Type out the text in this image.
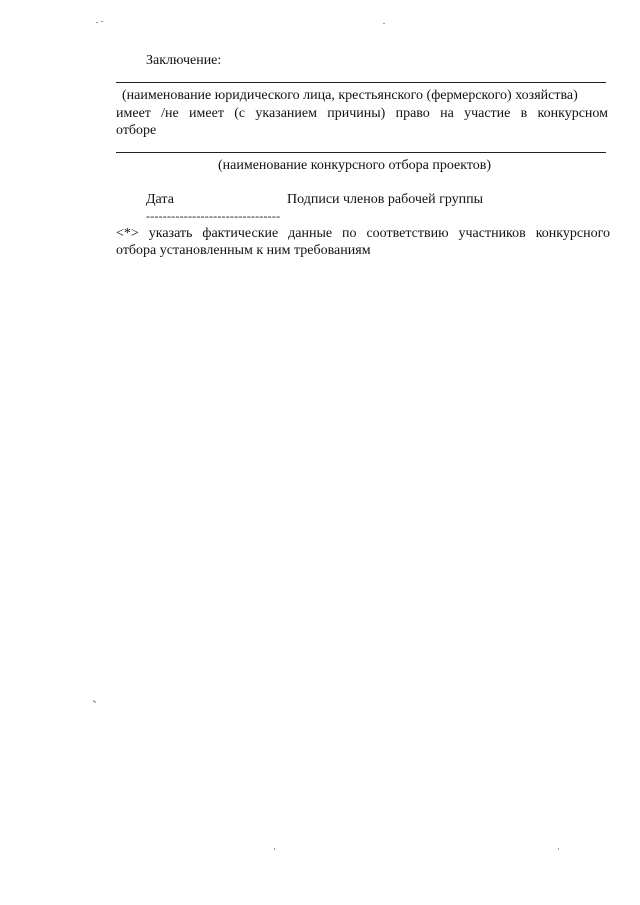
Заключение:
(наименование юридического лица, крестьянского (фермерского) хозяйства)
имеет /не имеет (с указанием причины) право на участие в конкурсном
отборе
(наименование конкурсного отбора проектов)
Дата	Подписи членов рабочей группы
--------------------------------
<*> указать фактические данные по соответствию участников конкурсного
отбора установленным к ним требованиям
